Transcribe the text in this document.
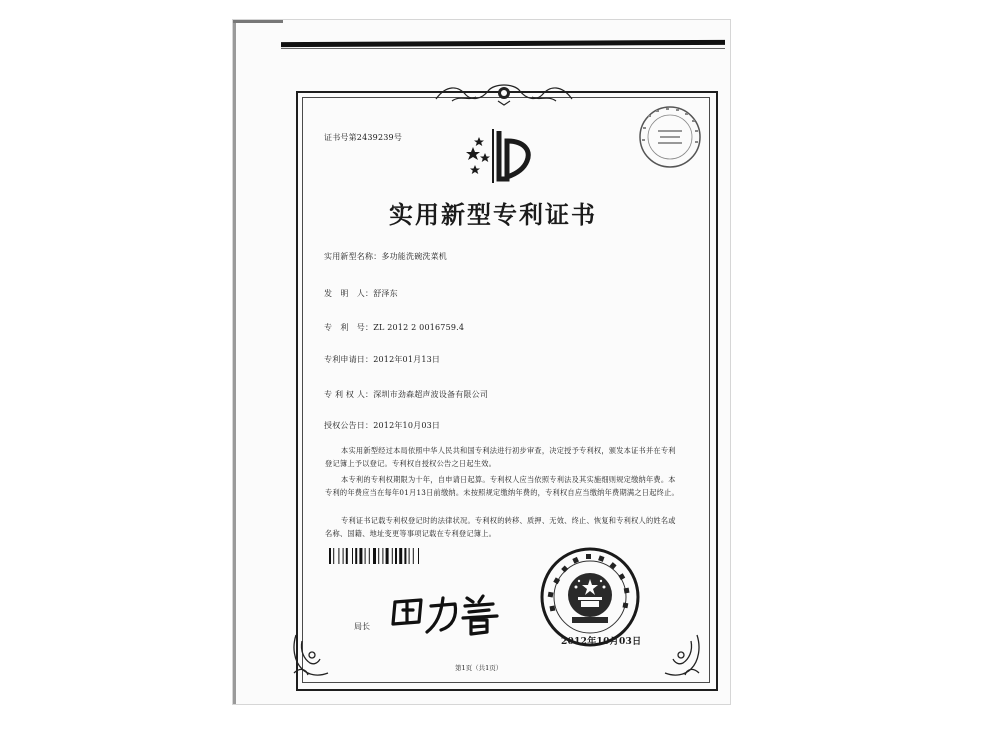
证书号第2439239号
实用新型专利证书
实用新型名称：多功能洗碗洗菜机
发　明　人：舒泽东
专　利　号：ZL 2012 2 0016759.4
专利申请日：2012年01月13日
专 利 权 人：深圳市劲森超声波设备有限公司
授权公告日：2012年10月03日
本实用新型经过本局依照中华人民共和国专利法进行初步审查，决定授予专利权，颁发本证书并在专利登记簿上予以登记。专利权自授权公告之日起生效。
本专利的专利权期限为十年，自申请日起算。专利权人应当依照专利法及其实施细则规定缴纳年费。本专利的年费应当在每年01月13日前缴纳。未按照规定缴纳年费的，专利权自应当缴纳年费期满之日起终止。
专利证书记载专利权登记时的法律状况。专利权的转移、质押、无效、终止、恢复和专利权人的姓名或名称、国籍、地址变更等事项记载在专利登记簿上。
局长
2012年10月03日
第1页（共1页）
